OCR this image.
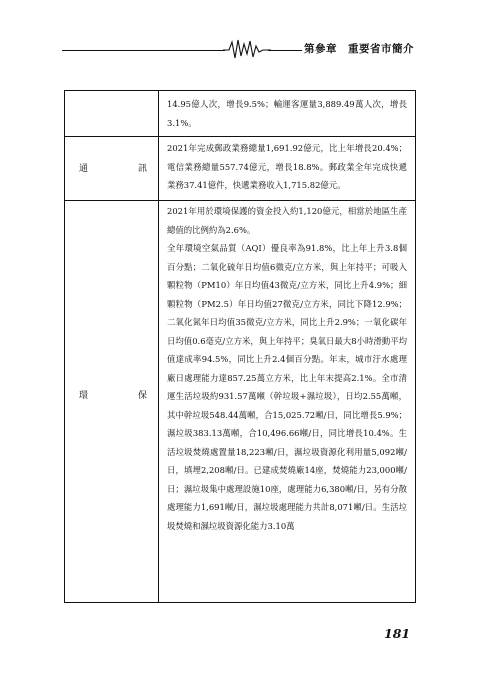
第參章　重要省市簡介
14.95億人次，增長9.5%；輸運客運量3,889.49萬人次，增長3.1%。
通	訊
2021年完成郵政業務總量1,691.92億元，比上年增長20.4%；電信業務總量557.74億元，增長18.8%。郵政業全年完成快遞業務37.41億件，快遞業務收入1,715.82億元。
環	保
2021年用於環境保護的資金投入約1,120億元，相當於地區生產總值的比例約為2.6%。
全年環境空氣品質（AQI）優良率為91.8%，比上年上升3.8個百分點；二氧化硫年日均值6微克/立方米，與上年持平；可吸入顆粒物（PM10）年日均值43微克/立方米，同比上升4.9%；細顆粒物（PM2.5）年日均值27微克/立方米，同比下降12.9%；二氧化氮年日均值35微克/立方米，同比上升2.9%；一氧化碳年日均值0.6毫克/立方米，與上年持平；臭氧日最大8小時滑動平均值達成率94.5%，同比上升2.4個百分點。年末，城市汙水處理廠日處理能力達857.25萬立方米，比上年末提高2.1%。全市清運生活垃圾約931.57萬噸（幹垃圾+濕垃圾），日均2.55萬噸，其中幹垃圾548.44萬噸，合15,025.72噸/日，同比增長5.9%；濕垃圾383.13萬噸，合10,496.66噸/日，同比增長10.4%。生活垃圾焚燒處置量18,223噸/日，濕垃圾資源化利用量5,092噸/日，填埋2,208噸/日。已建成焚燒廠14座，焚燒能力23,000噸/日；濕垃圾集中處理設施10座，處理能力6,380噸/日，另有分散處理能力1,691噸/日，濕垃圾處理能力共計8,071噸/日。生活垃圾焚燒和濕垃圾資源化能力3.10萬
181
